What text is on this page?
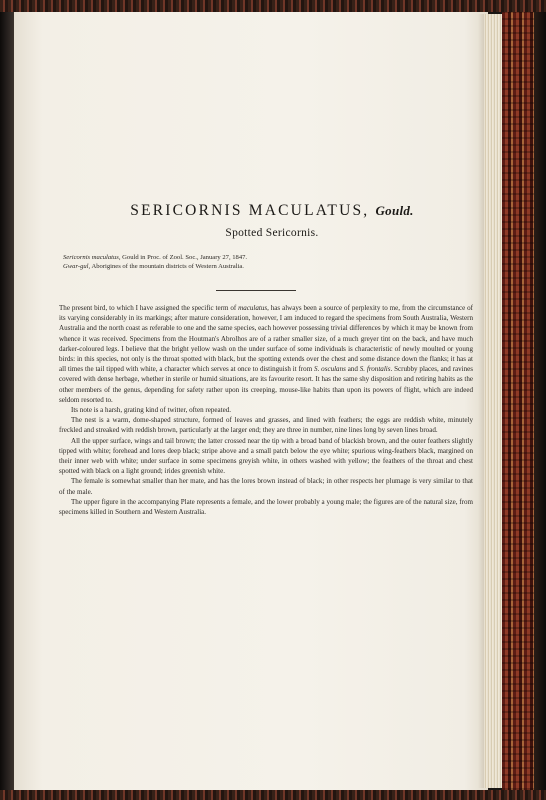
SERICORNIS MACULATUS, Gould.
Spotted Sericornis.
Sericornis maculatus, Gould in Proc. of Zool. Soc., January 27, 1847.
Gwar-gul, Aborigines of the mountain districts of Western Australia.

The present bird, to which I have assigned the specific term of maculatus, has always been a source of perplexity to me, from the circumstance of its varying considerably in its markings; after mature consideration, however, I am induced to regard the specimens from South Australia, Western Australia and the north coast as referable to one and the same species, each however possessing trivial differences by which it may be known from whence it was received. Specimens from the Houtman's Abrolhos are of a rather smaller size, of a much greyer tint on the back, and have much darker-coloured legs. I believe that the bright yellow wash on the under surface of some individuals is characteristic of newly moulted or young birds: in this species, not only is the throat spotted with black, but the spotting extends over the chest and some distance down the flanks; it has at all times the tail tipped with white, a character which serves at once to distinguish it from S. osculans and S. frontalis. Scrubby places, and ravines covered with dense herbage, whether in sterile or humid situations, are its favourite resort. It has the same shy disposition and retiring habits as the other members of the genus, depending for safety rather upon its creeping, mouse-like habits than upon its powers of flight, which are indeed seldom resorted to.

Its note is a harsh, grating kind of twitter, often repeated.

The nest is a warm, dome-shaped structure, formed of leaves and grasses, and lined with feathers; the eggs are reddish white, minutely freckled and streaked with reddish brown, particularly at the larger end; they are three in number, nine lines long by seven lines broad.

All the upper surface, wings and tail brown; the latter crossed near the tip with a broad band of blackish brown, and the outer feathers slightly tipped with white; forehead and lores deep black; stripe above and a small patch below the eye white; spurious wing-feathers black, margined on their inner web with white; under surface in some specimens greyish white, in others washed with yellow; the feathers of the throat and chest spotted with black on a light ground; irides greenish white.

The female is somewhat smaller than her mate, and has the lores brown instead of black; in other respects her plumage is very similar to that of the male.

The upper figure in the accompanying Plate represents a female, and the lower probably a young male; the figures are of the natural size, from specimens killed in Southern and Western Australia.
